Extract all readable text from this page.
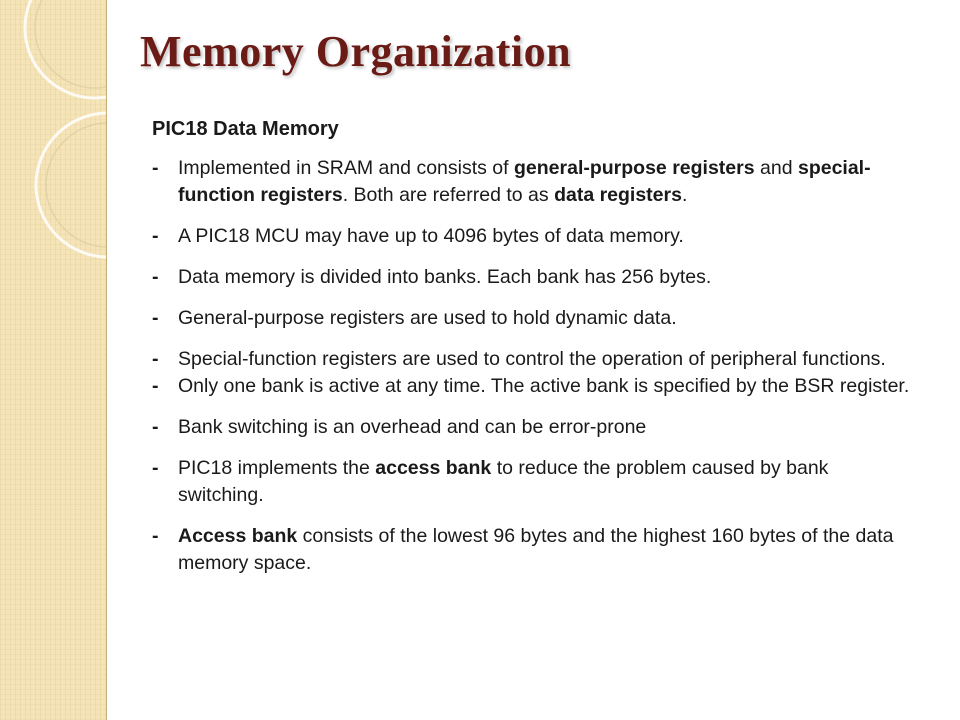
Memory Organization
PIC18 Data Memory
- Implemented in SRAM and consists of general-purpose registers and special-function registers. Both are referred to as data registers.
- A PIC18 MCU may have up to 4096 bytes of data memory.
- Data memory is divided into banks. Each bank has 256 bytes.
- General-purpose registers are used to hold dynamic data.
- Special-function registers are used to control the operation of peripheral functions.
- Only one bank is active at any time. The active bank is specified by the BSR register.
- Bank switching is an overhead and can be error-prone
- PIC18 implements the access bank to reduce the problem caused by bank switching.
- Access bank consists of the lowest 96 bytes and the highest 160 bytes of the data memory space.
